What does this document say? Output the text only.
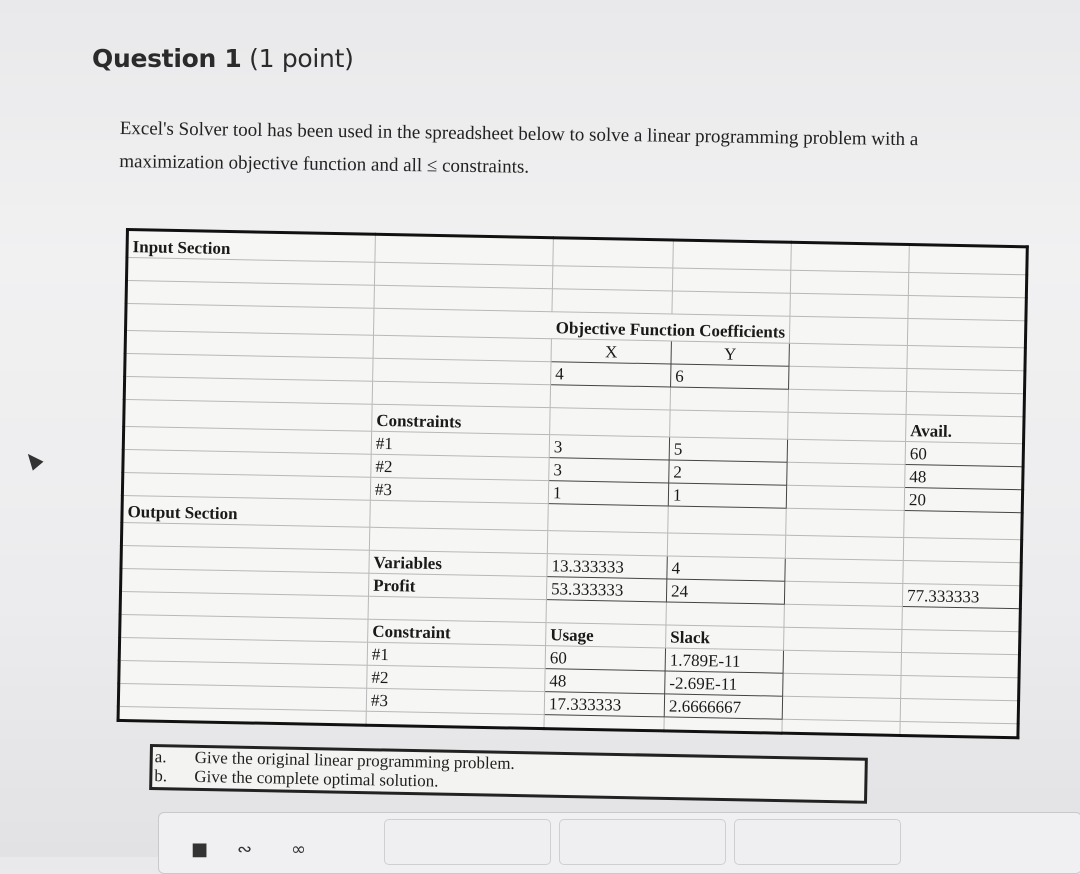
Question 1 (1 point)
Excel's Solver tool has been used in the spreadsheet below to solve a linear programming problem with a
maximization objective function and all ≤ constraints.
Input Section					

	Objective Function Coefficients				
		X	Y		
		4	6		

	Constraints				Avail.
	#1	3	5		60
	#2	3	2		48
	#3	1	1		20
Output Section					

	Variables	13.333333	4		
	Profit	53.333333	24		77.333333

	Constraint	Usage	Slack		
	#1	60	1.789E-11		
	#2	48	-2.69E-11		
	#3	17.333333	2.6666667		

a.	Give the original linear programming problem.
b.	Give the complete optimal solution.
■ ∾ ∞
